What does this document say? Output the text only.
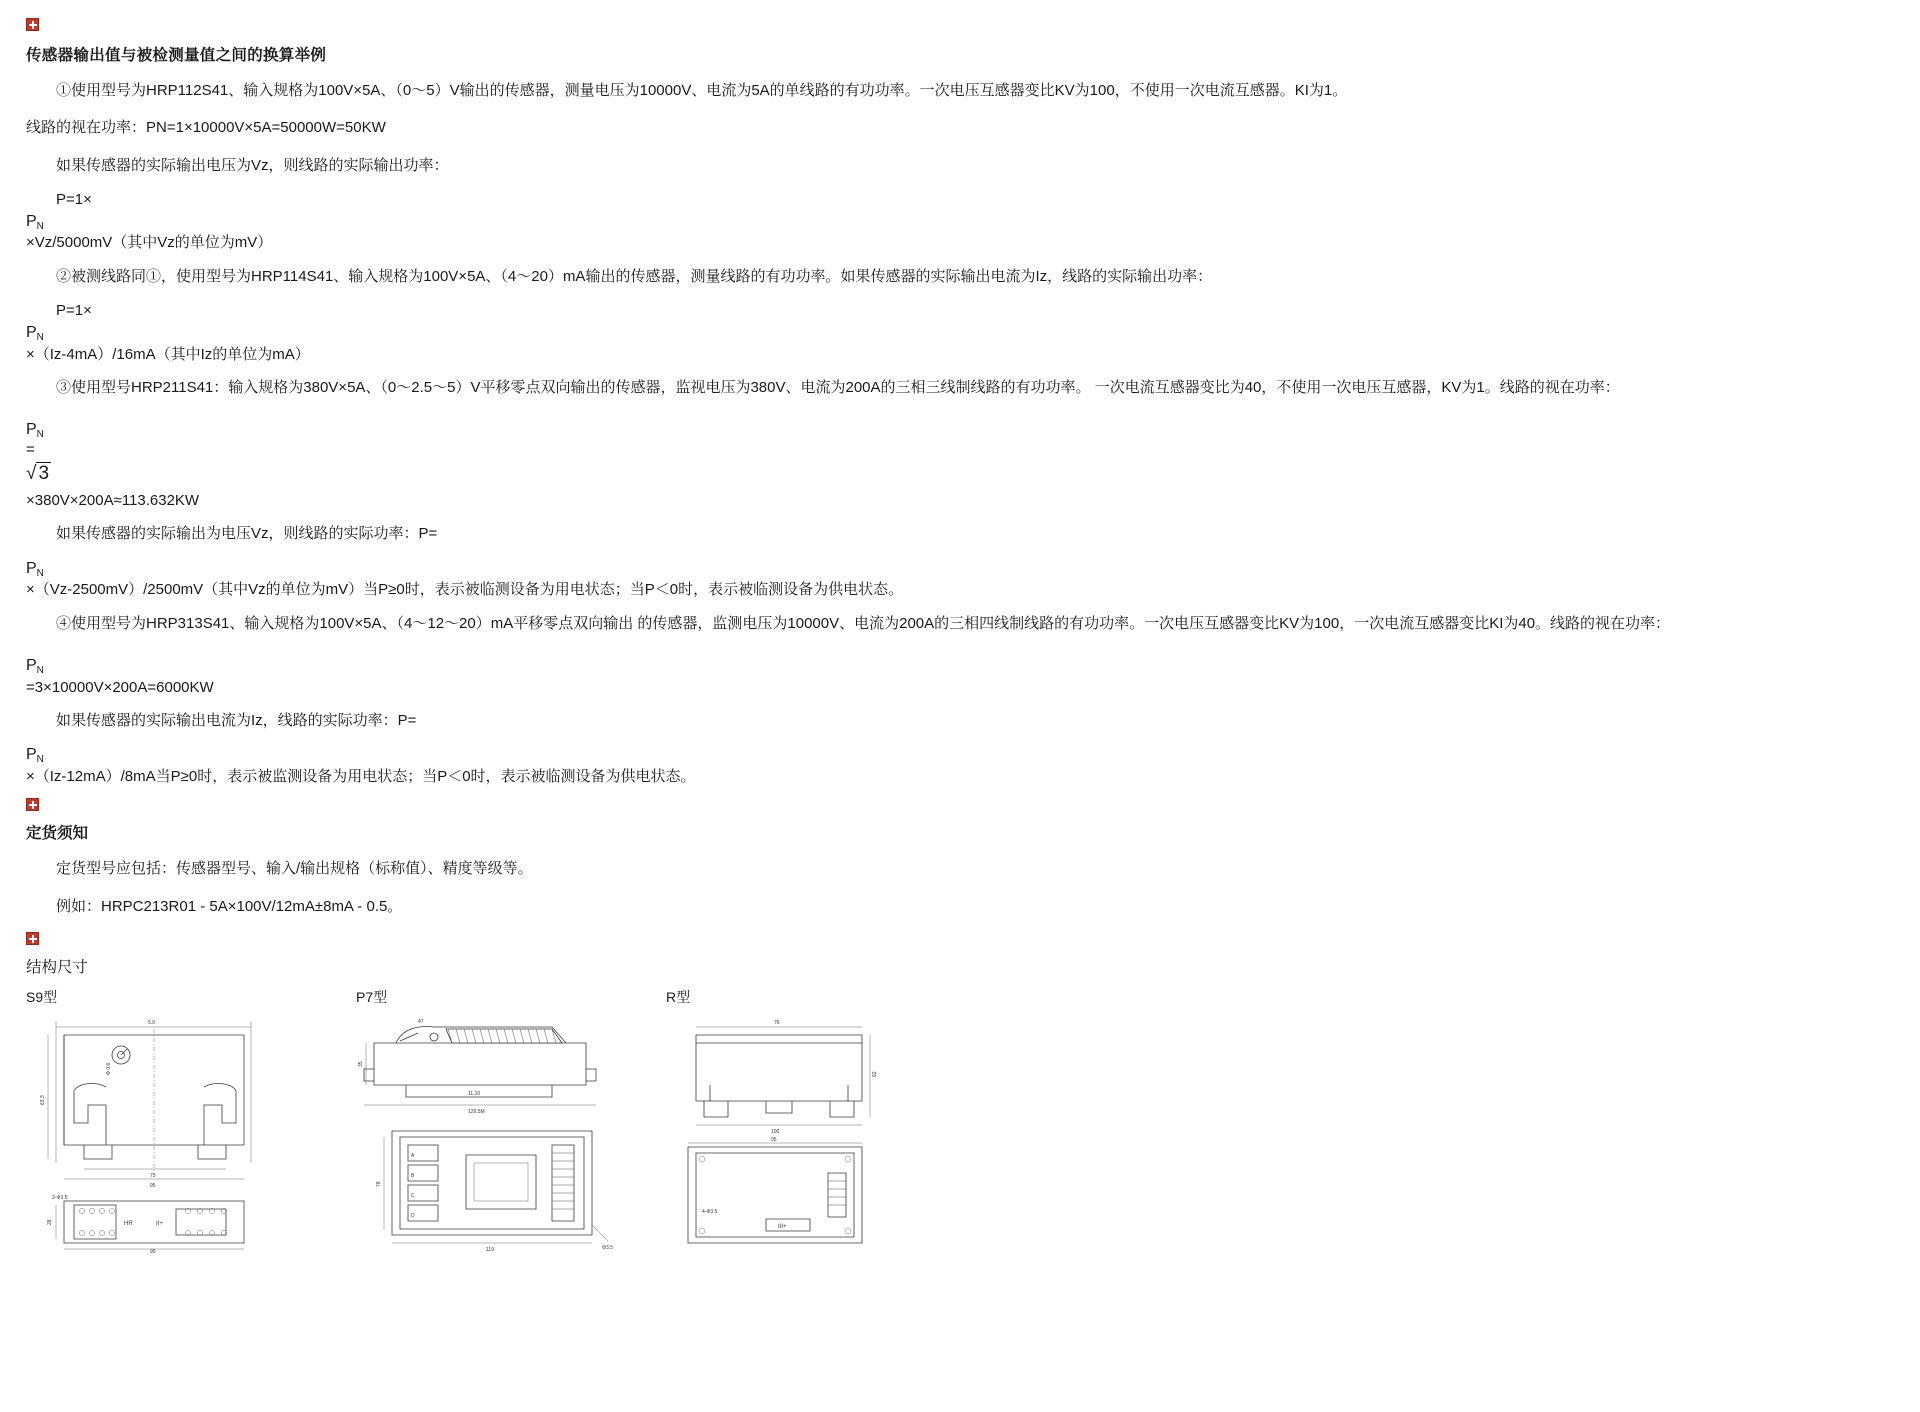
传感器输出值与被检测量值之间的换算举例

①使用型号为HRP112S41、输入规格为100V×5A、（0～5）V输出的传感器，测量电压为10000V、电流为5A的单线路的有功功率。一次电压互感器变比KV为100，不使用一次电流互感器。KI为1。

线路的视在功率：PN=1×10000V×5A=50000W=50KW

如果传感器的实际输出电压为Vz，则线路的实际输出功率：

P=1×

$P_N$

×Vz/5000mV（其中Vz的单位为mV）

②被测线路同①，使用型号为HRP114S41、输入规格为100V×5A、（4～20）mA输出的传感器，测量线路的有功功率。如果传感器的实际输出电流为Iz，线路的实际输出功率：

P=1×

$P_N$

×（Iz-4mA）/16mA（其中Iz的单位为mA）

③使用型号HRP211S41：输入规格为380V×5A、（0～2.5～5）V平移零点双向输出的传感器，监视电压为380V、电流为200A的三相三线制线路的有功功率。 一次电流互感器变比为40，不使用一次电压互感器，KV为1。线路的视在功率：

$P_N$

=

√ 3

×380V×200A≈113.632KW

如果传感器的实际输出为电压Vz，则线路的实际功率：P=

$P_N$

×（Vz-2500mV）/2500mV（其中Vz的单位为mV）当P≥0时，表示被临测设备为用电状态；当P＜0时，表示被临测设备为供电状态。

④使用型号为HRP313S41、输入规格为100V×5A、（4～12～20）mA平移零点双向输出 的传感器，监测电压为10000V、电流为200A的三相四线制线路的有功功率。一次电压互感器变比KV为100，一次电流互感器变比KI为40。线路的视在功率：

$P_N$

=3×10000V×200A=6000KW

如果传感器的实际输出电流为Iz，线路的实际功率：P=

$P_N$

×（Iz-12mA）/8mA当P≥0时，表示被监测设备为用电状态；当P＜0时，表示被临测设备为供电状态。

定货须知

定货型号应包括：传感器型号、输入/输出规格（标称值）、精度等级等。

例如：HRPC213R01 - 5A×100V/12mA±8mA - 0.5。

结构尺寸
S9型
5.9
Φ 0.6
63.3
75
95
HR	II+
2-Φ3.5
28
99
P7型
47
35
11.10
129.5M
A
B
C
D
78
119	Φ3.5
R型
76
62
100
III+
4-Φ3.5
95
